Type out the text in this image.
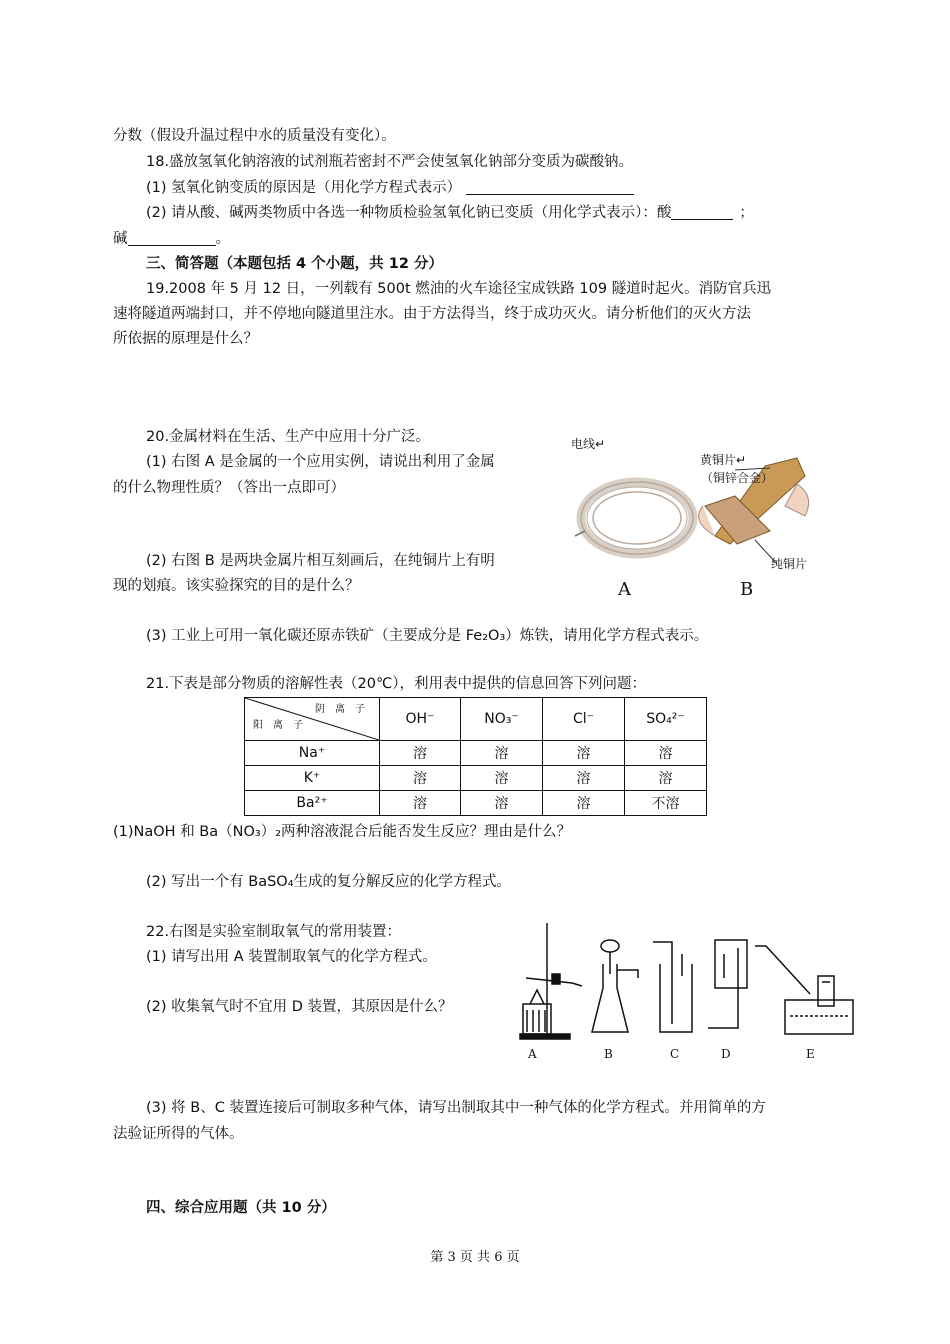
分数（假设升温过程中水的质量没有变化）。
18.盛放氢氧化钠溶液的试剂瓶若密封不严会使氢氧化钠部分变质为碳酸钠。
(1) 氢氧化钠变质的原因是（用化学方程式表示）
(2) 请从酸、碱两类物质中各选一种物质检验氢氧化钠已变质（用化学式表示）：酸	；
碱	。
三、简答题（本题包括 4 个小题，共 12 分）
19.2008 年 5 月 12 日，一列载有 500t 燃油的火车途径宝成铁路 109 隧道时起火。消防官兵迅
速将隧道两端封口，并不停地向隧道里注水。由于方法得当，终于成功灭火。请分析他们的灭火方法
所依据的原理是什么？
20.金属材料在生活、生产中应用十分广泛。
(1) 右图 A 是金属的一个应用实例，请说出利用了金属
的什么物理性质？（答出一点即可）
(2) 右图 B 是两块金属片相互刻画后，在纯铜片上有明
现的划痕。该实验探究的目的是什么？
(3) 工业上可用一氧化碳还原赤铁矿（主要成分是 Fe₂O₃）炼铁，请用化学方程式表示。
电线↵
黄铜片↵
（铜锌合金）
纯铜片
A	B
21.下表是部分物质的溶解性表（20℃），利用表中提供的信息回答下列问题：
阴　离　子
阳　离　子	OH⁻	NO₃⁻	Cl⁻	SO₄²⁻
Na⁺	溶	溶	溶	溶
K⁺	溶	溶	溶	溶
Ba²⁺	溶	溶	溶	不溶
(1)NaOH 和 Ba（NO₃）₂两种溶液混合后能否发生反应？理由是什么？
(2) 写出一个有 BaSO₄生成的复分解反应的化学方程式。
22.右图是实验室制取氧气的常用装置：
(1) 请写出用 A 装置制取氧气的化学方程式。
(2) 收集氧气时不宜用 D 装置，其原因是什么？
A	B	C	D	E
(3) 将 B、C 装置连接后可制取多种气体，请写出制取其中一种气体的化学方程式。并用简单的方
法验证所得的气体。
四、综合应用题（共 10 分）
第 3 页 共 6 页
